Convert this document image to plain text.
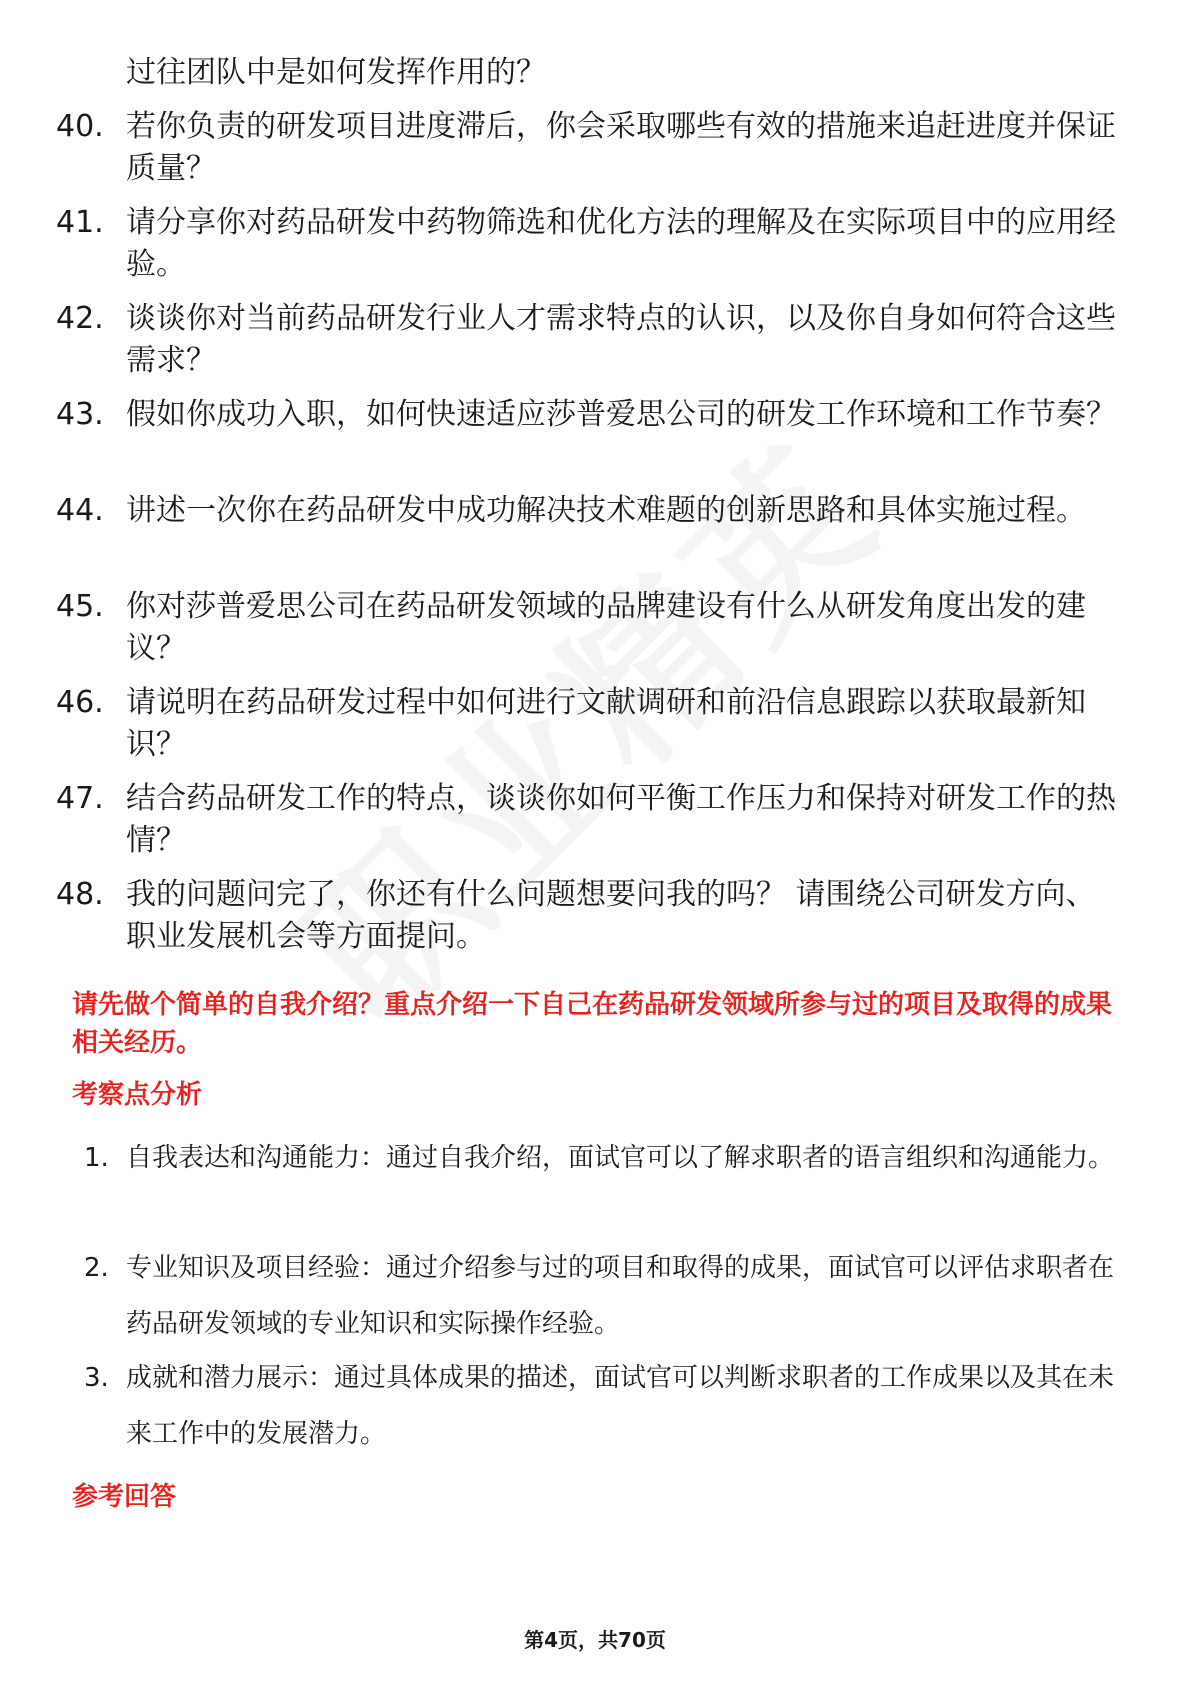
过往团队中是如何发挥作用的？
40. 若你负责的研发项目进度滞后，你会采取哪些有效的措施来追赶进度并保证质量？
41. 请分享你对药品研发中药物筛选和优化方法的理解及在实际项目中的应用经验。
42. 谈谈你对当前药品研发行业人才需求特点的认识，以及你自身如何符合这些需求？
43. 假如你成功入职，如何快速适应莎普爱思公司的研发工作环境和工作节奏？
44. 讲述一次你在药品研发中成功解决技术难题的创新思路和具体实施过程。
45. 你对莎普爱思公司在药品研发领域的品牌建设有什么从研发角度出发的建议？
46. 请说明在药品研发过程中如何进行文献调研和前沿信息跟踪以获取最新知识？
47. 结合药品研发工作的特点，谈谈你如何平衡工作压力和保持对研发工作的热情？
48. 我的问题问完了，你还有什么问题想要问我的吗？ 请围绕公司研发方向、职业发展机会等方面提问。
请先做个简单的自我介绍？重点介绍一下自己在药品研发领域所参与过的项目及取得的成果相关经历。
考察点分析
1. 自我表达和沟通能力：通过自我介绍，面试官可以了解求职者的语言组织和沟通能力。
2. 专业知识及项目经验：通过介绍参与过的项目和取得的成果，面试官可以评估求职者在药品研发领域的专业知识和实际操作经验。
3. 成就和潜力展示：通过具体成果的描述，面试官可以判断求职者的工作成果以及其在未来工作中的发展潜力。
参考回答
第4页，共70页
